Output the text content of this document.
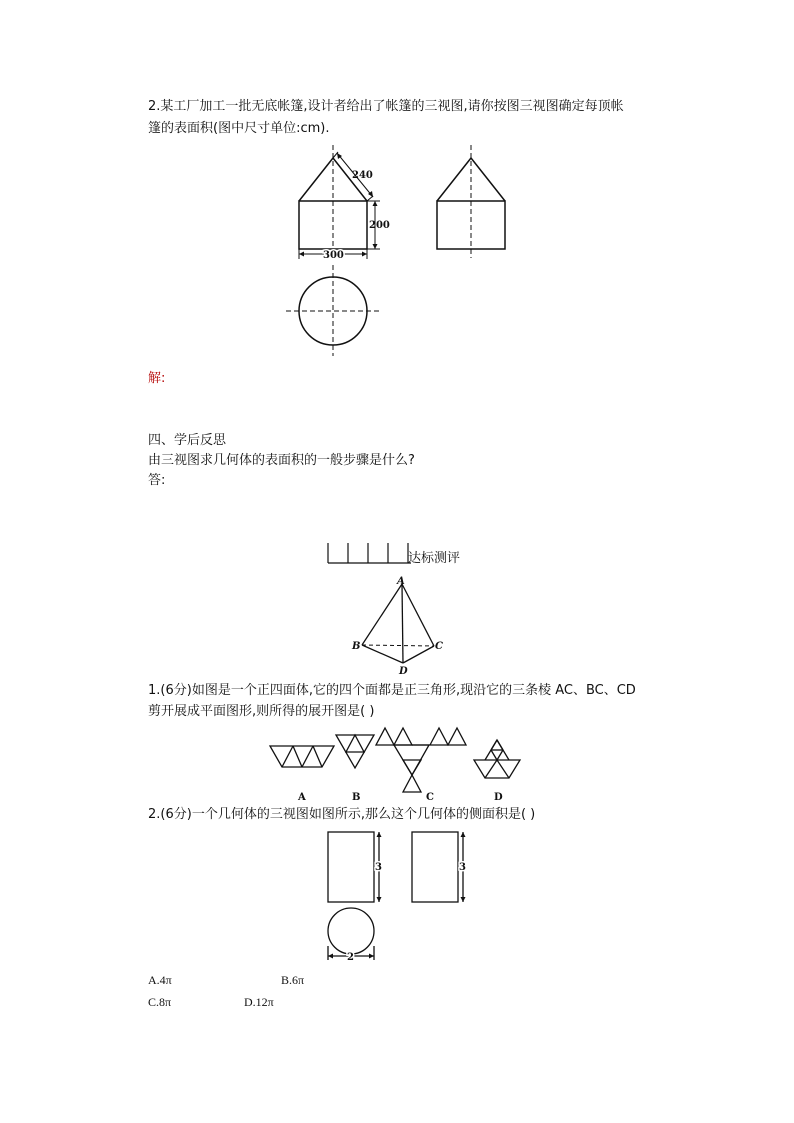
2.某工厂加工一批无底帐篷,设计者给出了帐篷的三视图,请你按图三视图确定每顶帐
篷的表面积(图中尺寸单位:cm).
240
200
300
解:
四、学后反思
由三视图求几何体的表面积的一般步骤是什么?
答:
达标测评
A
B	C
D
1.(6分)如图是一个正四面体,它的四个面都是正三角形,现沿它的三条棱 AC、BC、CD
剪开展成平面图形,则所得的展开图是( )
A	B	C	D
2.(6分)一个几何体的三视图如图所示,那么这个几何体的侧面积是( )
3	3
2
A.4π	B.6π
C.8π	D.12π
